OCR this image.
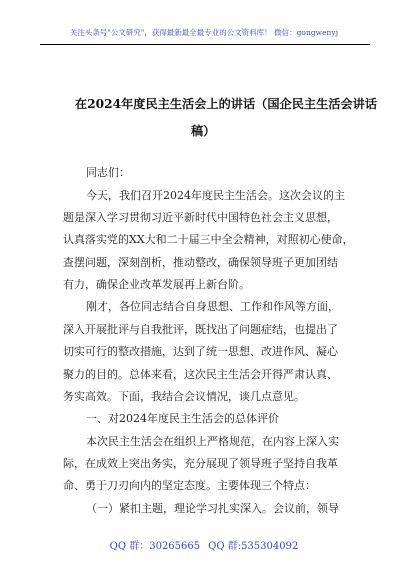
关注头条号"公文研究"，获得最新最全最专业的公文资料库！ 微信：gongwenyj
在2024年度民主生活会上的讲话（国企民主生活会讲话
稿）
同志们：
今天，我们召开2024年度民主生活会。这次会议的主
题是深入学习贯彻习近平新时代中国特色社会主义思想，
认真落实党的XX大和二十届三中全会精神，对照初心使命，
查摆问题，深刻剖析，推动整改，确保领导班子更加团结
有力，确保企业改革发展再上新台阶。
刚才，各位同志结合自身思想、工作和作风等方面，
深入开展批评与自我批评，既找出了问题症结，也提出了
切实可行的整改措施，达到了统一思想、改进作风、凝心
聚力的目的。总体来看，这次民主生活会开得严肃认真、
务实高效。下面，我结合会议情况，谈几点意见。
一、对2024年度民主生活会的总体评价
本次民主生活会在组织上严格规范，在内容上深入实
际，在成效上突出务实，充分展现了领导班子坚持自我革
命、勇于刀刃向内的坚定态度。主要体现三个特点：
（一）紧扣主题，理论学习扎实深入。会议前，领导
QQ 群：30265665 QQ 群:535304092
